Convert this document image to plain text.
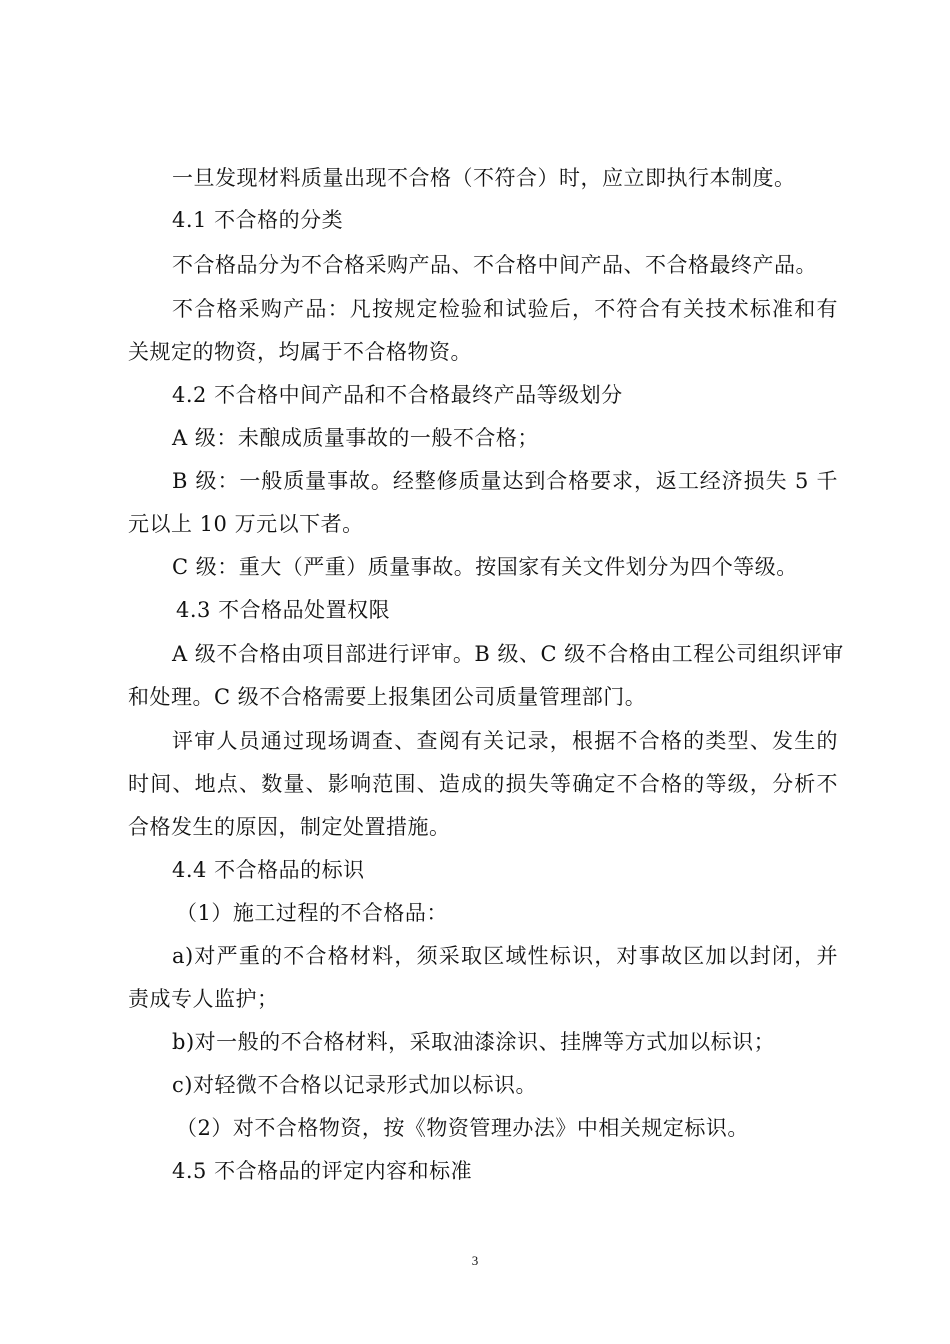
一旦发现材料质量出现不合格（不符合）时，应立即执行本制度。
4.1 不合格的分类
不合格品分为不合格采购产品、不合格中间产品、不合格最终产品。
不合格采购产品：凡按规定检验和试验后，不符合有关技术标准和有
关规定的物资，均属于不合格物资。
4.2 不合格中间产品和不合格最终产品等级划分
A 级：未酿成质量事故的一般不合格；
B 级：一般质量事故。经整修质量达到合格要求，返工经济损失 5 千
元以上 10 万元以下者。
C 级：重大（严重）质量事故。按国家有关文件划分为四个等级。
4.3 不合格品处置权限
A 级不合格由项目部进行评审。B 级、C 级不合格由工程公司组织评审
和处理。C 级不合格需要上报集团公司质量管理部门。
评审人员通过现场调查、查阅有关记录，根据不合格的类型、发生的
时间、地点、数量、影响范围、造成的损失等确定不合格的等级，分析不
合格发生的原因，制定处置措施。
4.4 不合格品的标识
（1）施工过程的不合格品：
a)对严重的不合格材料，须采取区域性标识，对事故区加以封闭，并
责成专人监护；
b)对一般的不合格材料，采取油漆涂识、挂牌等方式加以标识；
c)对轻微不合格以记录形式加以标识。
（2）对不合格物资，按《物资管理办法》中相关规定标识。
4.5 不合格品的评定内容和标准
3
